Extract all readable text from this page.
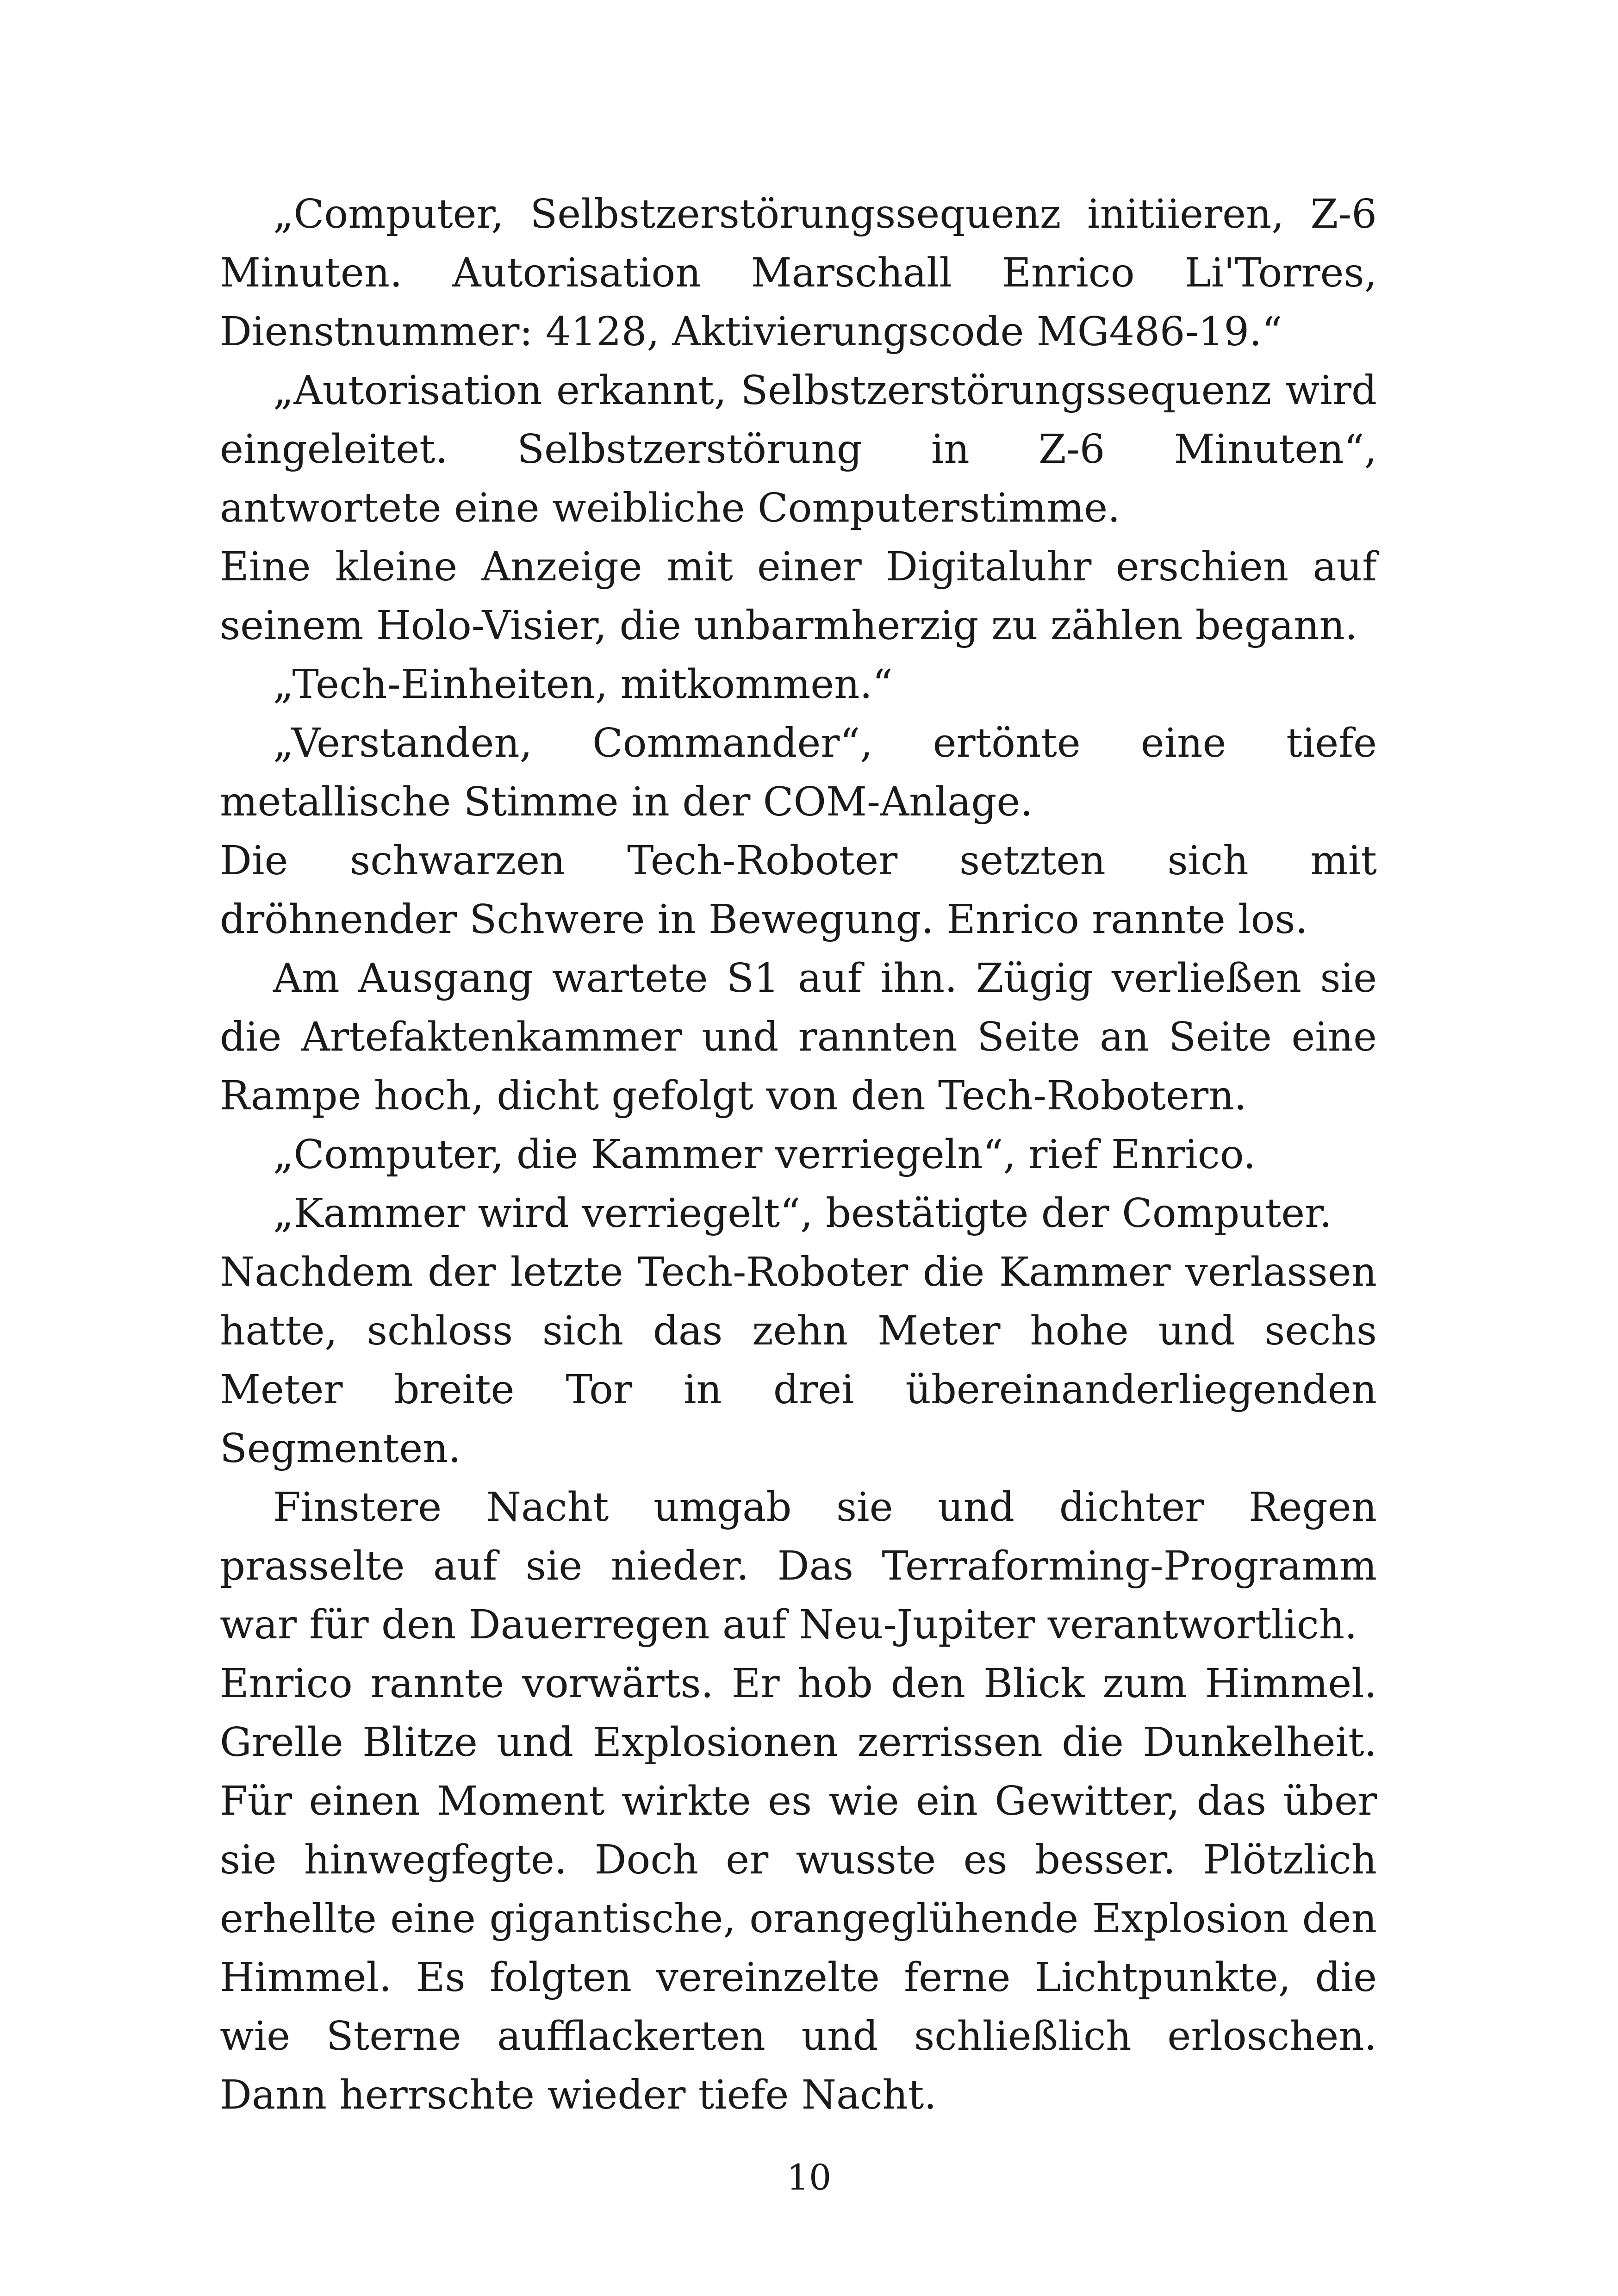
„Computer, Selbstzerstörungssequenz initiieren, Z-6 Minuten. Autorisation Marschall Enrico Li'Torres, Dienstnummer: 4128, Aktivierungscode MG486-19.“

„Autorisation erkannt, Selbstzerstörungssequenz wird eingeleitet. Selbstzerstörung in Z-6 Minuten“, antwortete eine weibliche Computerstimme.

Eine kleine Anzeige mit einer Digitaluhr erschien auf seinem Holo-Visier, die unbarmherzig zu zählen begann.

„Tech-Einheiten, mitkommen.“

„Verstanden, Commander“, ertönte eine tiefe metallische Stimme in der COM-Anlage.

Die schwarzen Tech-Roboter setzten sich mit dröhnender Schwere in Bewegung. Enrico rannte los.

Am Ausgang wartete S1 auf ihn. Zügig verließen sie die Artefaktenkammer und rannten Seite an Seite eine Rampe hoch, dicht gefolgt von den Tech-Robotern.

„Computer, die Kammer verriegeln“, rief Enrico.

„Kammer wird verriegelt“, bestätigte der Computer.

Nachdem der letzte Tech-Roboter die Kammer verlassen hatte, schloss sich das zehn Meter hohe und sechs Meter breite Tor in drei übereinanderliegenden Segmenten.

Finstere Nacht umgab sie und dichter Regen prasselte auf sie nieder. Das Terraforming-Programm war für den Dauerregen auf Neu-Jupiter verantwortlich.

Enrico rannte vorwärts. Er hob den Blick zum Himmel. Grelle Blitze und Explosionen zerrissen die Dunkelheit. Für einen Moment wirkte es wie ein Gewitter, das über sie hinwegfegte. Doch er wusste es besser. Plötzlich erhellte eine gigantische, orangeglühende Explosion den Himmel. Es folgten vereinzelte ferne Lichtpunkte, die wie Sterne aufflackerten und schließlich erloschen. Dann herrschte wieder tiefe Nacht.

10
